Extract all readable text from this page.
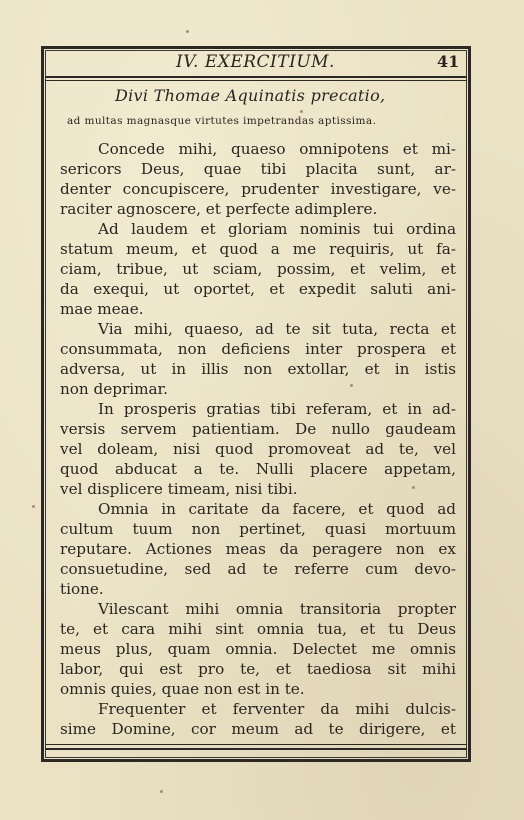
IV. EXERCITIUM.	41
Divi Thomae Aquinatis precatio,
ad multas magnasque virtutes impetrandas aptissima.
Concede mihi, quaeso omnipotens et mi-
sericors Deus, quae tibi placita sunt, ar-
denter concupiscere, prudenter investigare, ve-
raciter agnoscere, et perfecte adimplere.
Ad laudem et gloriam nominis tui ordina
statum meum, et quod a me requiris, ut fa-
ciam, tribue, ut sciam, possim, et velim, et
da exequi, ut oportet, et expedit saluti ani-
mae meae.
Via mihi, quaeso, ad te sit tuta, recta et
consummata, non deficiens inter prospera et
adversa, ut in illis non extollar, et in istis
non deprimar.
In prosperis gratias tibi referam, et in ad-
versis servem patientiam. De nullo gaudeam
vel doleam, nisi quod promoveat ad te, vel
quod abducat a te. Nulli placere appetam,
vel displicere timeam, nisi tibi.
Omnia in caritate da facere, et quod ad
cultum tuum non pertinet, quasi mortuum
reputare. Actiones meas da peragere non ex
consuetudine, sed ad te referre cum devo-
tione.
Vilescant mihi omnia transitoria propter
te, et cara mihi sint omnia tua, et tu Deus
meus plus, quam omnia. Delectet me omnis
labor, qui est pro te, et taediosa sit mihi
omnis quies, quae non est in te.
Frequenter et ferventer da mihi dulcis-
sime Domine, cor meum ad te dirigere, et
